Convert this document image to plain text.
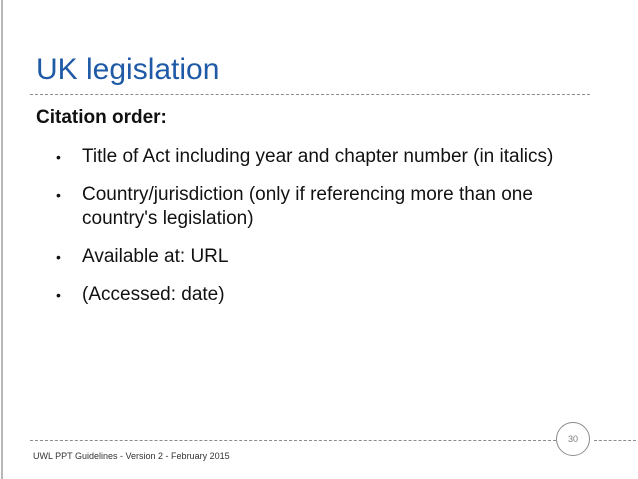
UK legislation
Citation order:
• Title of Act including year and chapter number (in italics)
• Country/jurisdiction (only if referencing more than one country's legislation)
• Available at: URL
• (Accessed: date)
30
UWL PPT Guidelines - Version 2 - February 2015
